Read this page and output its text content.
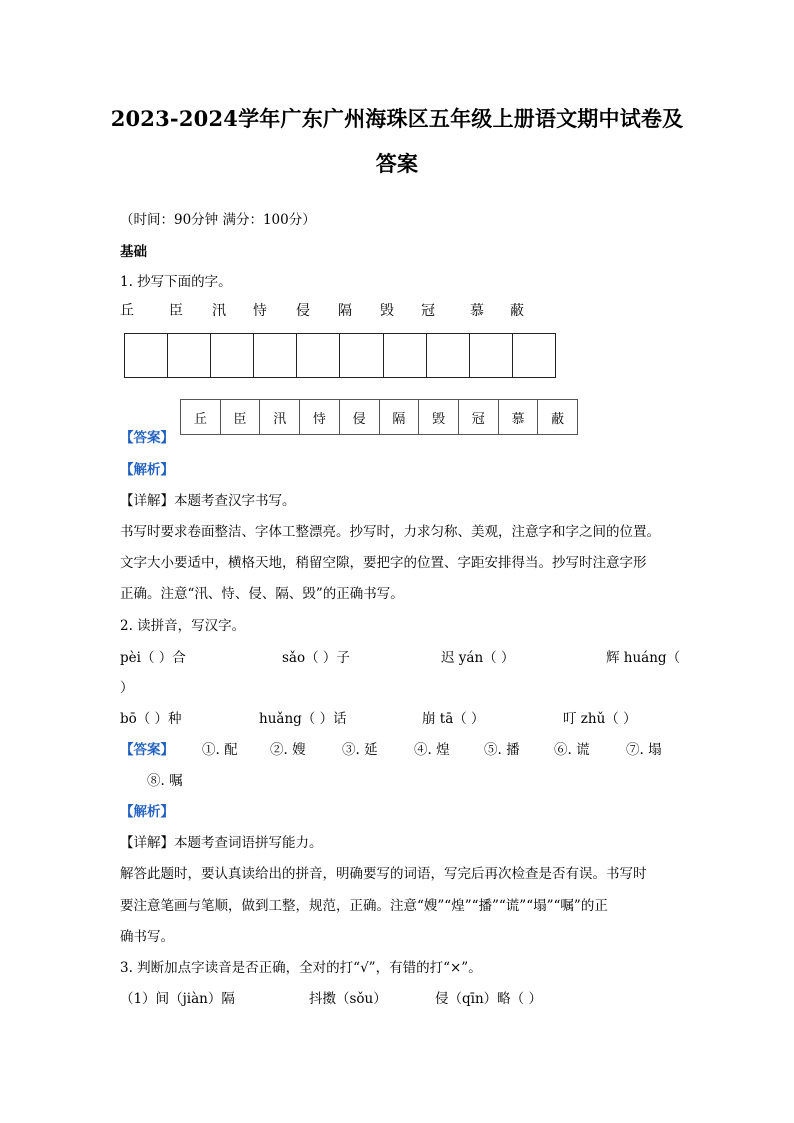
2023-2024学年广东广州海珠区五年级上册语文期中试卷及
答案
（时间：90分钟 满分：100分）
基础
1. 抄写下面的字。
丘	臣 汛 恃 侵 隔 毁 冠	慕 蔽
丘	臣	汛	恃	侵	隔	毁	冠	慕	蔽
【答案】
【解析】
【详解】本题考查汉字书写。
书写时要求卷面整洁、字体工整漂亮。抄写时，力求匀称、美观，注意字和字之间的位置。
文字大小要适中，横格天地，稍留空隙，要把字的位置、字距安排得当。抄写时注意字形
正确。注意“汛、恃、侵、隔、毁”的正确书写。
2. 读拼音，写汉字。
pèi（ ）合	sǎo（ ）子	迟 yán（ ）	辉 huáng（
）
bō（ ）种	huǎng（ ）话	崩 tā（ ）	叮 zhǔ（ ）
【答案】 ①. 配 ②. 嫂	③. 延	④. 煌	⑤. 播	⑥. 谎	⑦. 塌
⑧. 嘱
【解析】
【详解】本题考查词语拼写能力。
解答此题时，要认真读给出的拼音，明确要写的词语，写完后再次检查是否有误。书写时
要注意笔画与笔顺，做到工整，规范，正确。注意“嫂”“煌”“播”“谎”“塌”“嘱”的正
确书写。
3. 判断加点字读音是否正确，全对的打“√”，有错的打“×”。
（1）间（jiàn）隔	抖擞（sǒu）	侵（qīn）略（ ）
